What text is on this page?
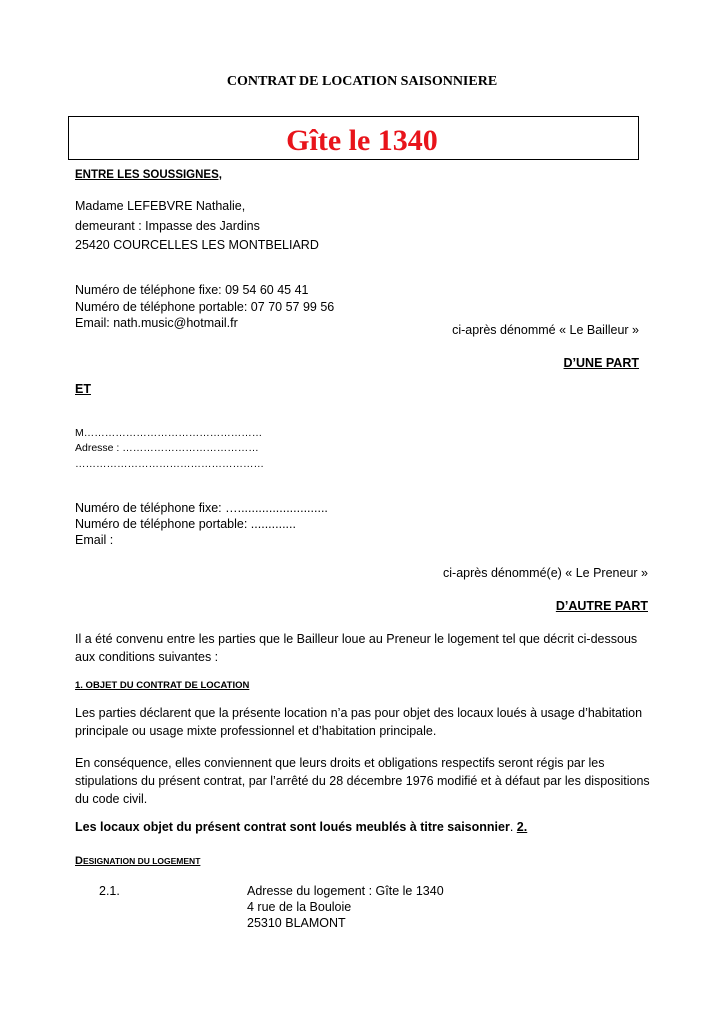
CONTRAT DE LOCATION SAISONNIERE
Gîte le 1340
ENTRE LES SOUSSIGNES,
Madame LEFEBVRE Nathalie,
demeurant : Impasse des Jardins
25420 COURCELLES LES MONTBELIARD
Numéro de téléphone fixe: 09 54 60 45 41
Numéro de téléphone portable: 07 70 57 99 56
Email: nath.music@hotmail.fr	ci-après dénommé « Le Bailleur »
D’UNE PART
ET
M……………………………………………
Adresse : …………………………………
………………………………………………
Numéro de téléphone fixe: …..........................
Numéro de téléphone portable: .............
Email :
ci-après dénommé(e) « Le Preneur »
D’AUTRE PART
Il a été convenu entre les parties que le Bailleur loue au Preneur le logement tel que décrit ci-dessous aux conditions suivantes :
1. OBJET DU CONTRAT DE LOCATION
Les parties déclarent que la présente location n’a pas pour objet des locaux loués à usage d’habitation principale ou usage mixte professionnel et d’habitation principale.
En conséquence, elles conviennent que leurs droits et obligations respectifs seront régis par les stipulations du présent contrat, par l’arrêté du 28 décembre 1976 modifié et à défaut par les dispositions du code civil.
Les locaux objet du présent contrat sont loués meublés à titre saisonnier. 2.
DESIGNATION DU LOGEMENT
2.1.	Adresse du logement : Gîte le 1340
4 rue de la Bouloie
25310 BLAMONT
